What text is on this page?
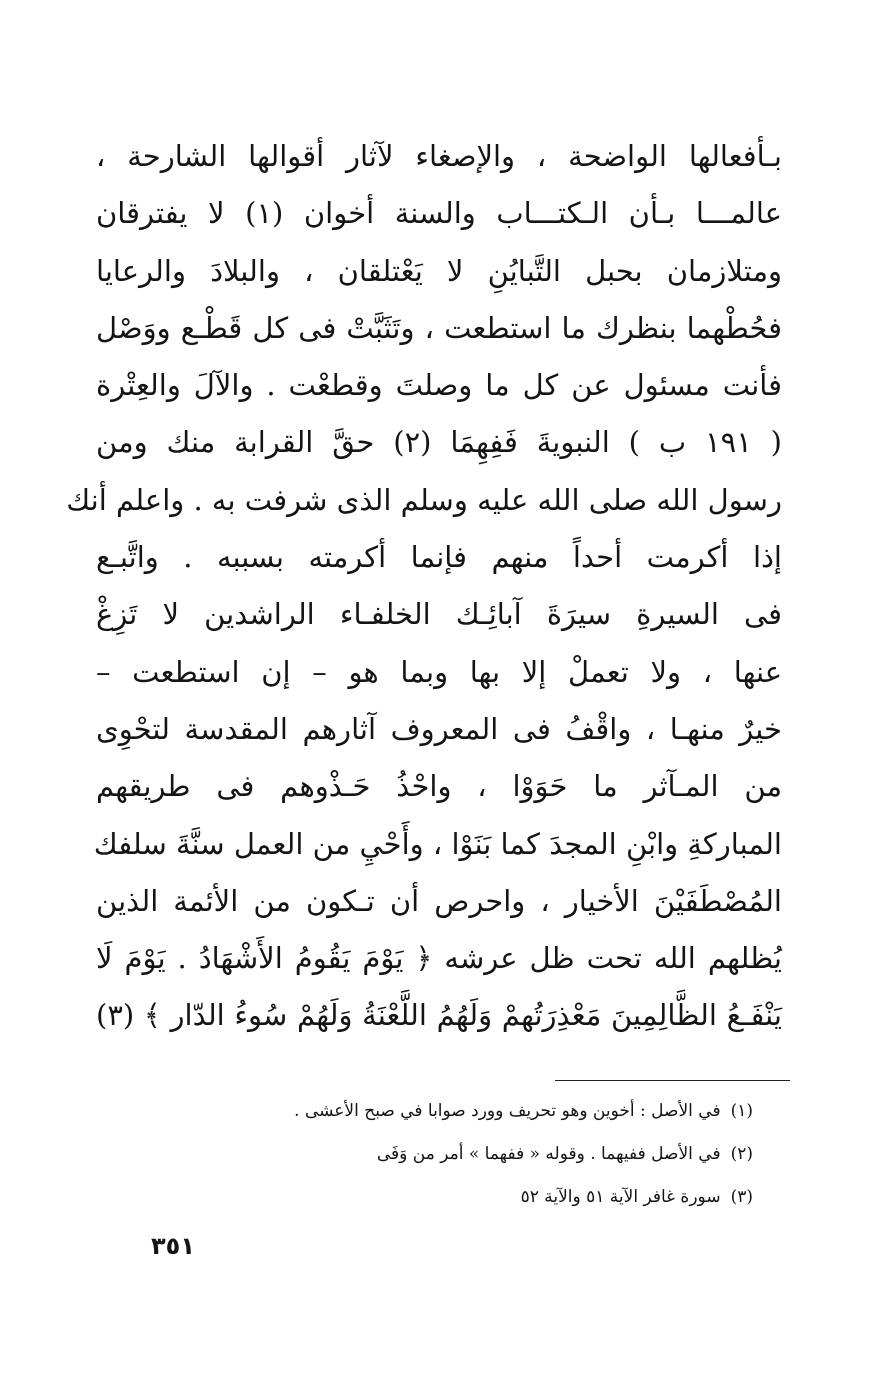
بـأفعالها الواضحة ، والإصغاء لآثار أقوالها الشارحة ،
عالمـــا بـأن الـكتـــاب والسنة أخوان (١) لا يفترقان
ومتلازمان بحبل التَّبايُنِ لا يَعْتلقان ، والبلادَ والرعايا
فحُطْهما بنظرك ما استطعت ، وتَثَبَّتْ فى كل قَطْـع ووَصْل
فأنت مسئول عن كل ما وصلتَ وقطعْت . والآلَ والعِتْرة
( ١٩١ ب ) النبويةَ فَفِهِمَا (٢) حقَّ القرابة منك ومن
رسول الله صلى الله عليه وسلم الذى شرفت به . واعلم أنك
إذا أكرمت أحداً منهم فإنما أكرمته بسببه . واتَّبـع
فى السيرةِ سيرَةَ آبائِـك الخلفـاء الراشدين لا تَزِغْ
عنها ، ولا تعملْ إلا بها وبما هو – إن استطعت –
خيرٌ منهـا ، واقْفُ فى المعروف آثارهم المقدسة لتحْوِى
من المـآثر ما حَوَوْا ، واحْذُ حَـذْوهم فى طريقهم
المباركةِ وابْنِ المجدَ كما بَنَوْا ، وأَحْيِ من العمل سنَّةَ سلفك
المُصْطَفَيْنَ الأخيار ، واحرص أن تـكون من الأئمة الذين
يُظلهم الله تحت ظل عرشه ﴿ يَوْمَ يَقُومُ الأَشْهَادُ . يَوْمَ لَا
يَنْفَـعُ الظَّالِمِينَ مَعْذِرَتُهمْ وَلَهُمُ اللَّعْنَةُ وَلَهُمْ سُوءُ الدّار ﴾ (٣)
(١)في الأصل : أخوين وهو تحريف وورد صوابا في صبح الأعشى .
(٢)في الأصل ففيهما . وقوله « ففهما » أمر من وَفَى
(٣)سورة غافر الآية ٥١ والآية ٥٢
٣٥١
